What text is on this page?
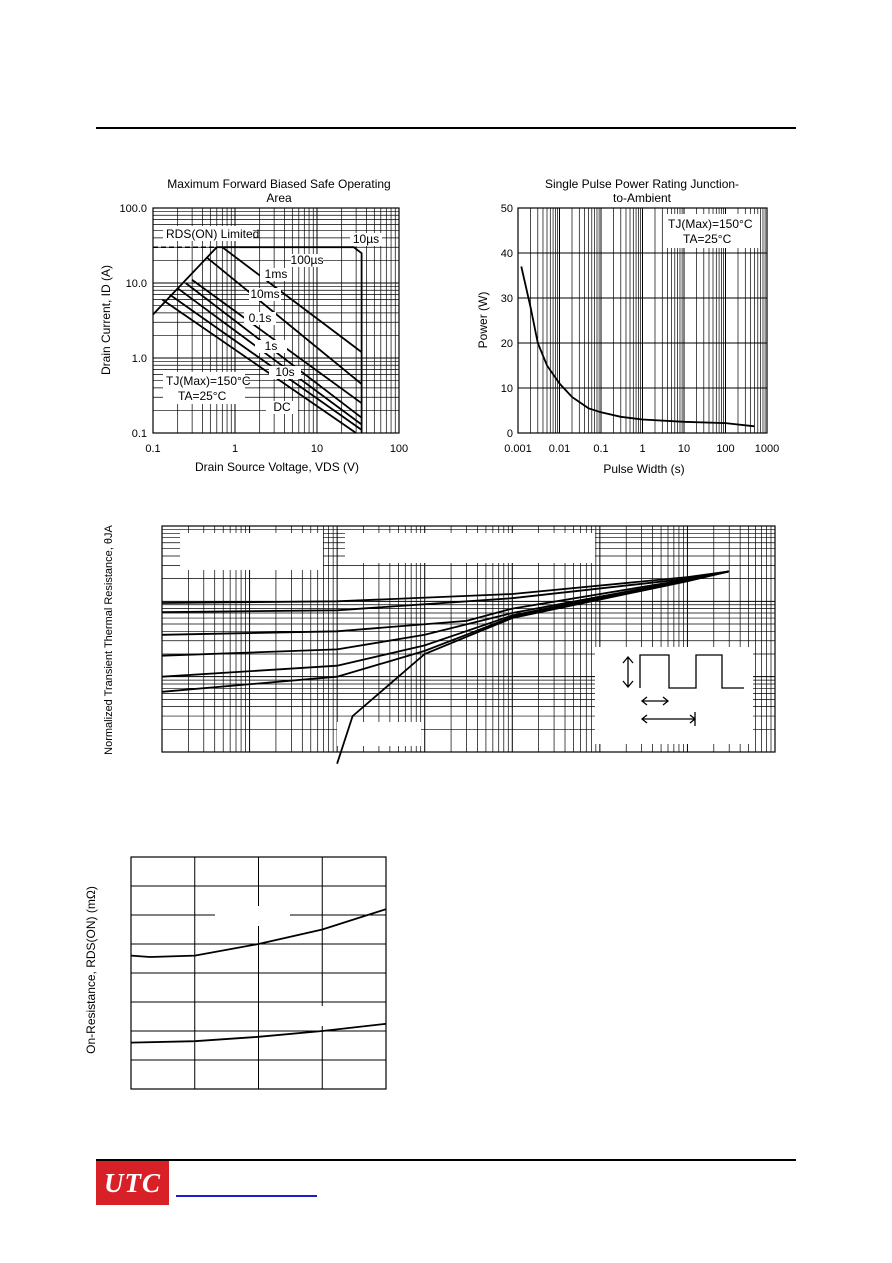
Maximum Forward Biased Safe Operating
Area
Drain Current, ID (A)
Drain Source Voltage, VDS (V)
0.1	1	10	100
0.1
1.0
10.0
100.0
10µs
100µs
1ms
10ms
0.1s
1s
10s
DC
RDS(ON) Limited
TJ(Max)=150°C
TA=25°C
Single Pulse Power Rating Junction-
to-Ambient
Power (W)
Pulse Width (s)
0.001 0.01 0.1	1	10 100 1000
0
10
20
30
40
50
TJ(Max)=150°C
TA=25°C
Normalized Transient Thermal Resistance, θJA
On-Resistance, RDS(ON) (mΩ)
UTC
